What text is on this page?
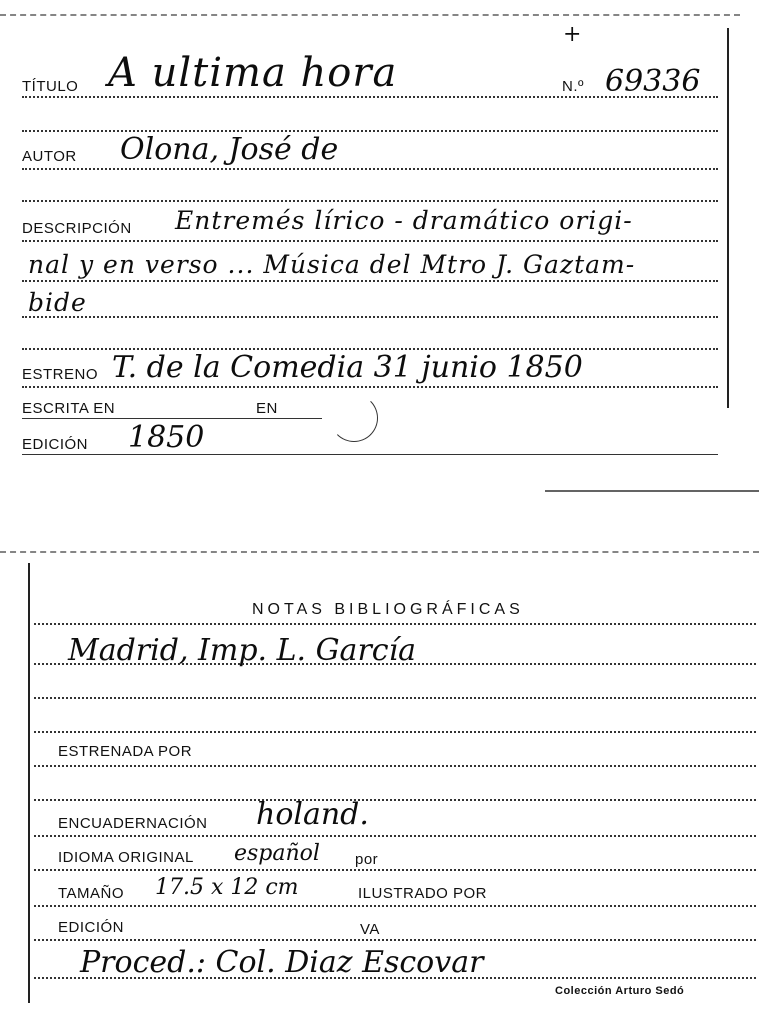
TÍTULO A ultima hora
+
N.º 69336
AUTOR Olona, José de
DESCRIPCIÓN Entremés lírico - dramático origi-
nal y en verso ... Música del Mtro J. Gaztam-
bide
ESTRENO T. de la Comedia 31 junio 1850
ESCRITA EN	EN
EDICIÓN 1850
NOTAS BIBLIOGRÁFICAS
Madrid, Imp. L. García
ESTRENADA POR
ENCUADERNACIÓN holand.
IDIOMA ORIGINAL español por
TAMAÑO 17.5 x 12 cm	ILUSTRADO POR
EDICIÓN	VA
Proced.: Col. Diaz Escovar
Colección Arturo Sedó
